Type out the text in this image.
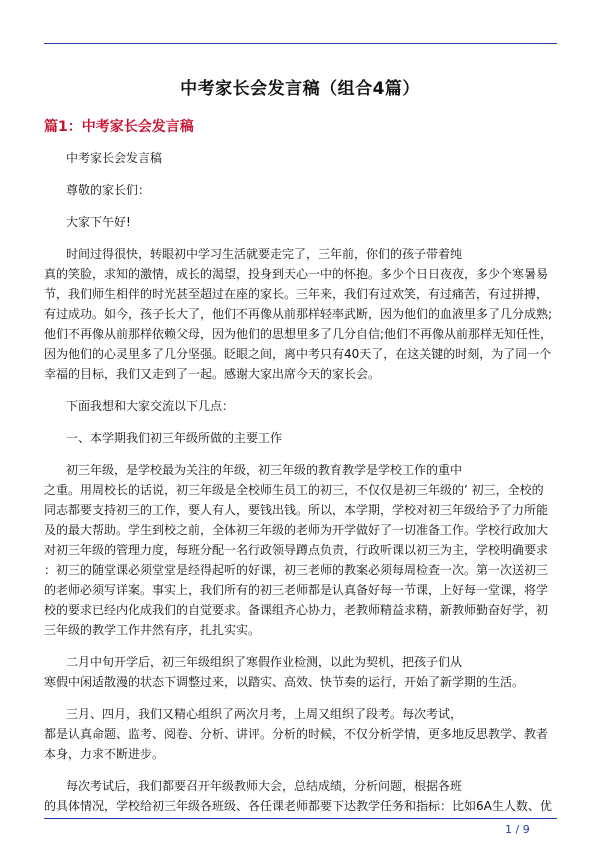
中考家长会发言稿（组合4篇）
篇1：中考家长会发言稿

中考家长会发言稿

尊敬的家长们：

大家下午好!

时间过得很快，转眼初中学习生活就要走完了，三年前，你们的孩子带着纯
真的笑脸，求知的激情，成长的渴望，投身到天心一中的怀抱。多少个日日夜夜，多少个寒暑易
节，我们师生相伴的时光甚至超过在座的家长。三年来，我们有过欢笑，有过痛苦，有过拼搏，
有过成功。如今，孩子长大了，他们不再像从前那样轻率武断，因为他们的血液里多了几分成熟;
他们不再像从前那样依赖父母，因为他们的思想里多了几分自信;他们不再像从前那样无知任性，
因为他们的心灵里多了几分坚强。眨眼之间，离中考只有40天了，在这关键的时刻，为了同一个
幸福的目标，我们又走到了一起。感谢大家出席今天的家长会。

下面我想和大家交流以下几点：

一、本学期我们初三年级所做的主要工作

初三年级，是学校最为关注的年级，初三年级的教育教学是学校工作的重中
之重。用周校长的话说，初三年级是全校师生员工的初三，不仅仅是初三年级的’ 初三，全校的
同志都要支持初三的工作，要人有人，要钱出钱。所以，本学期，学校对初三年级给予了力所能
及的最大帮助。学生到校之前，全体初三年级的老师为开学做好了一切准备工作。学校行政加大
对初三年级的管理力度，每班分配一名行政领导蹲点负责，行政听课以初三为主，学校明确要求
：初三的随堂课必须堂堂是经得起听的好课，初三老师的教案必须每周检查一次。第一次送初三
的老师必须写详案。事实上，我们所有的初三老师都是认真备好每一节课，上好每一堂课，将学
校的要求已经内化成我们的自觉要求。备课组齐心协力，老教师精益求精，新教师勤奋好学，初
三年级的教学工作井然有序，扎扎实实。

二月中旬开学后，初三年级组织了寒假作业检测，以此为契机，把孩子们从
寒假中闲适散漫的状态下调整过来，以踏实、高效、快节奏的运行，开始了新学期的生活。

三月、四月，我们又精心组织了两次月考，上周又组织了段考。每次考试，
都是认真命题、监考、阅卷、分析、讲评。分析的时候，不仅分析学情，更多地反思教学、教者
本身，力求不断进步。

每次考试后，我们都要召开年级教师大会，总结成绩，分析问题，根据各班
的具体情况，学校给初三年级各班级、各任课老师都要下达教学任务和指标：比如6A生人数、优

1 / 9
